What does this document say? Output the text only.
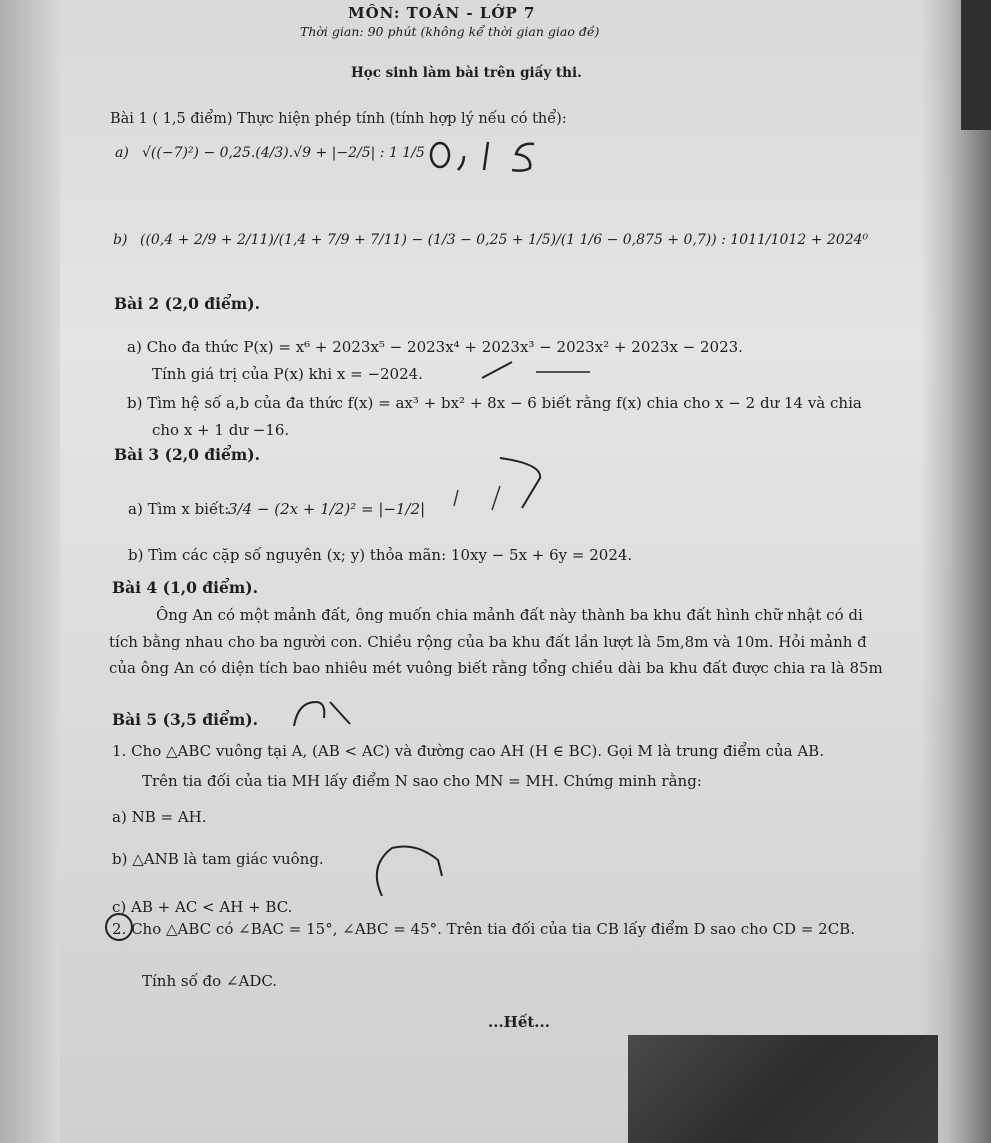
MÔN: TOÁN - LỚP 7
Thời gian: 90 phút (không kể thời gian giao đề)
Học sinh làm bài trên giấy thi.
Bài 1 ( 1,5 điểm) Thực hiện phép tính (tính hợp lý nếu có thể):
a) √((−7)²) − 0,25.(4/3).√9 + |−2/5| : 1 1/5
b) ((0,4 + 2/9 + 2/11)/(1,4 + 7/9 + 7/11) − (1/3 − 0,25 + 1/5)/(1 1/6 − 0,875 + 0,7)) : 1011/1012 + 2024⁰
Bài 2 (2,0 điểm).
a) Cho đa thức P(x) = x⁶ + 2023x⁵ − 2023x⁴ + 2023x³ − 2023x² + 2023x − 2023.
Tính giá trị của P(x) khi x = −2024.
b) Tìm hệ số a,b của đa thức f(x) = ax³ + bx² + 8x − 6 biết rằng f(x) chia cho x − 2 dư 14 và chia
cho x + 1 dư −16.
Bài 3 (2,0 điểm).
a) Tìm x biết:
3/4 − (2x + 1/2)² = |−1/2|
b) Tìm các cặp số nguyên (x; y) thỏa mãn: 10xy − 5x + 6y = 2024.
Bài 4 (1,0 điểm).
Ông An có một mảnh đất, ông muốn chia mảnh đất này thành ba khu đất hình chữ nhật có di
tích bằng nhau cho ba người con. Chiều rộng của ba khu đất lần lượt là 5m,8m và 10m. Hỏi mảnh đ
của ông An có diện tích bao nhiêu mét vuông biết rằng tổng chiều dài ba khu đất được chia ra là 85m
Bài 5 (3,5 điểm).
1. Cho △ABC vuông tại A, (AB < AC) và đường cao AH (H ∈ BC). Gọi M là trung điểm của AB.
Trên tia đối của tia MH lấy điểm N sao cho MN = MH. Chứng minh rằng:
a) NB = AH.
b) △ANB là tam giác vuông.
c) AB + AC < AH + BC.
2. Cho △ABC có ∠BAC = 15°, ∠ABC = 45°. Trên tia đối của tia CB lấy điểm D sao cho CD = 2CB.
Tính số đo ∠ADC.
...Hết...
